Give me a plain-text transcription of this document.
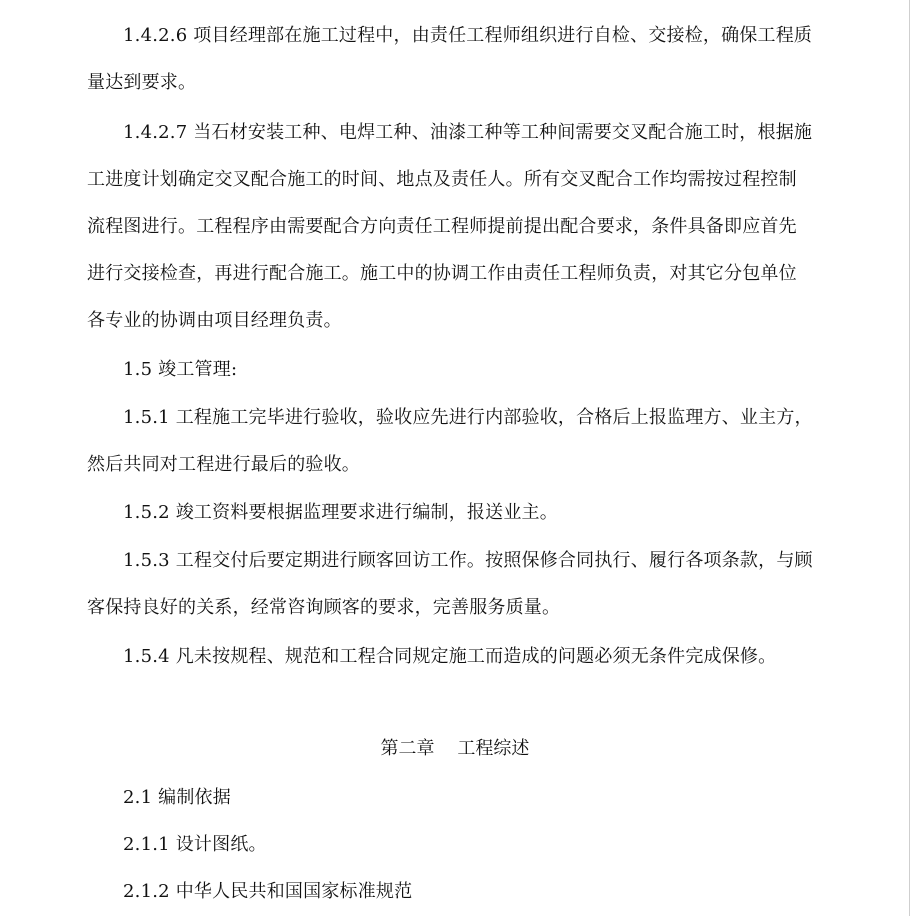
1.4.2.6 项目经理部在施工过程中，由责任工程师组织进行自检、交接检，确保工程质
量达到要求。
1.4.2.7 当石材安装工种、电焊工种、油漆工种等工种间需要交叉配合施工时，根据施
工进度计划确定交叉配合施工的时间、地点及责任人。所有交叉配合工作均需按过程控制
流程图进行。工程程序由需要配合方向责任工程师提前提出配合要求，条件具备即应首先
进行交接检查，再进行配合施工。施工中的协调工作由责任工程师负责，对其它分包单位
各专业的协调由项目经理负责。
1.5 竣工管理:
1.5.1 工程施工完毕进行验收，验收应先进行内部验收，合格后上报监理方、业主方，
然后共同对工程进行最后的验收。
1.5.2 竣工资料要根据监理要求进行编制，报送业主。
1.5.3 工程交付后要定期进行顾客回访工作。按照保修合同执行、履行各项条款，与顾
客保持良好的关系，经常咨询顾客的要求，完善服务质量。
1.5.4 凡未按规程、规范和工程合同规定施工而造成的问题必须无条件完成保修。
第二章    工程综述
2.1 编制依据
2.1.1 设计图纸。
2.1.2 中华人民共和国国家标准规范
